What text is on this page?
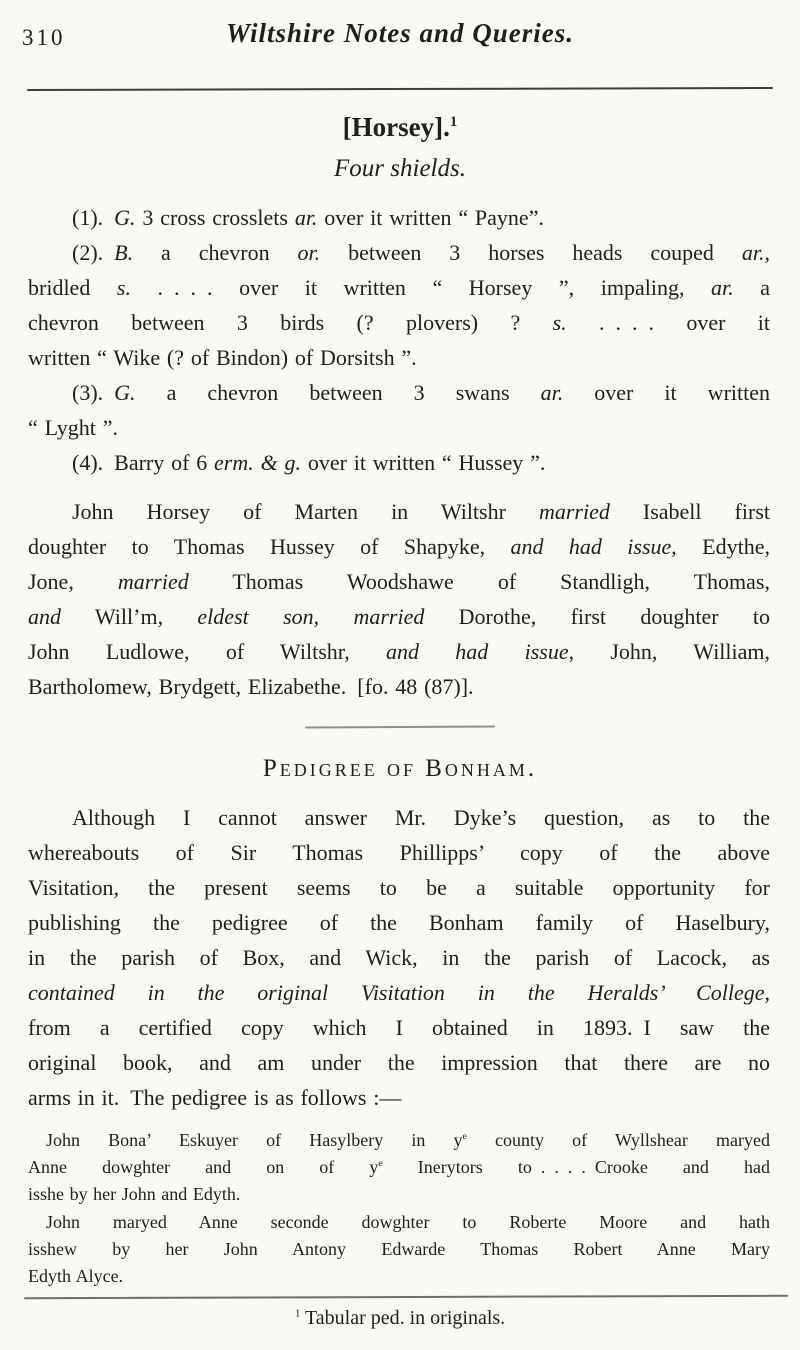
310	Wiltshire Notes and Queries.
[Horsey].$^1$
Four shields.
(1). G. 3 cross crosslets ar. over it written “ Payne”.
(2). B. a chevron or. between 3 horses heads couped ar.,
bridled s. . . . . over it written “ Horsey ”, impaling, ar. a
chevron between 3 birds (? plovers) ? s. . . . . over it
written “ Wike (? of Bindon) of Dorsitsh ”.
(3). G. a chevron between 3 swans ar. over it written
“ Lyght ”.
(4). Barry of 6 erm. & g. over it written “ Hussey ”.
John Horsey of Marten in Wiltshr married Isabell first
doughter to Thomas Hussey of Shapyke, and had issue, Edythe,
Jone, married Thomas Woodshawe of Standligh, Thomas,
and Will’m, eldest son, married Dorothe, first doughter to
John Ludlowe, of Wiltshr, and had issue, John, William,
Bartholomew, Brydgett, Elizabethe. [fo. 48 (87)].
Pedigree of Bonham.
Although I cannot answer Mr. Dyke’s question, as to the
whereabouts of Sir Thomas Phillipps’ copy of the above
Visitation, the present seems to be a suitable opportunity for
publishing the pedigree of the Bonham family of Haselbury,
in the parish of Box, and Wick, in the parish of Lacock, as
contained in the original Visitation in the Heralds’ College,
from a certified copy which I obtained in 1893. I saw the
original book, and am under the impression that there are no
arms in it. The pedigree is as follows :—
John Bona’ Eskuyer of Hasylbery in $y^e$ county of Wyllshear maryed
Anne dowghter and on of $y^e$ Inerytors to . . . . Crooke and had
isshe by her John and Edyth.
John maryed Anne seconde dowghter to Roberte Moore and hath
isshew by her John Antony Edwarde Thomas Robert Anne Mary
Edyth Alyce.
$^1$ Tabular ped. in originals.
